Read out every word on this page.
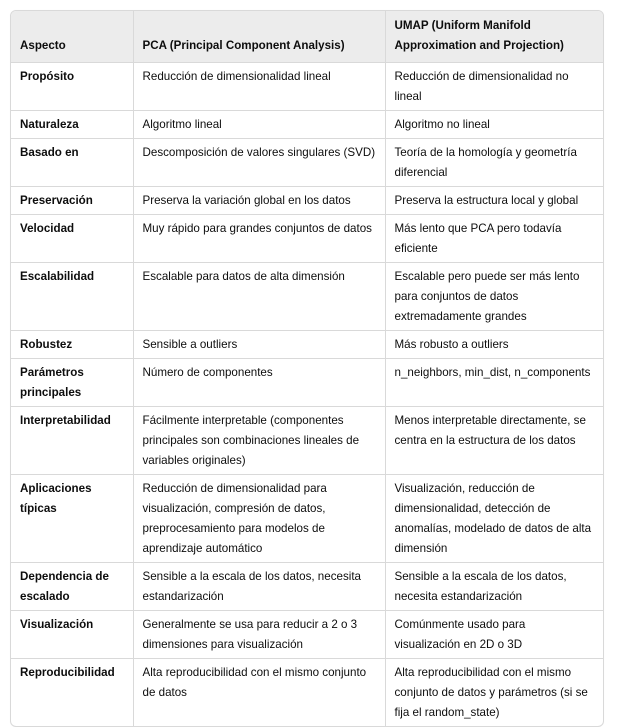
Aspecto	PCA (Principal Component Analysis)	UMAP (Uniform Manifold Approximation and Projection)
Propósito	Reducción de dimensionalidad lineal	Reducción de dimensionalidad no lineal
Naturaleza	Algoritmo lineal	Algoritmo no lineal
Basado en	Descomposición de valores singulares (SVD)	Teoría de la homología y geometría diferencial
Preservación	Preserva la variación global en los datos	Preserva la estructura local y global
Velocidad	Muy rápido para grandes conjuntos de datos	Más lento que PCA pero todavía eficiente
Escalabilidad	Escalable para datos de alta dimensión	Escalable pero puede ser más lento para conjuntos de datos extremadamente grandes
Robustez	Sensible a outliers	Más robusto a outliers
Parámetros principales	Número de componentes	n_neighbors, min_dist, n_components
Interpretabilidad	Fácilmente interpretable (componentes principales son combinaciones lineales de variables originales)	Menos interpretable directamente, se centra en la estructura de los datos
Aplicaciones típicas	Reducción de dimensionalidad para visualización, compresión de datos, preprocesamiento para modelos de aprendizaje automático	Visualización, reducción de dimensionalidad, detección de anomalías, modelado de datos de alta dimensión
Dependencia de escalado	Sensible a la escala de los datos, necesita estandarización	Sensible a la escala de los datos, necesita estandarización
Visualización	Generalmente se usa para reducir a 2 o 3 dimensiones para visualización	Comúnmente usado para visualización en 2D o 3D
Reproducibilidad	Alta reproducibilidad con el mismo conjunto de datos	Alta reproducibilidad con el mismo conjunto de datos y parámetros (si se fija el random_state)
